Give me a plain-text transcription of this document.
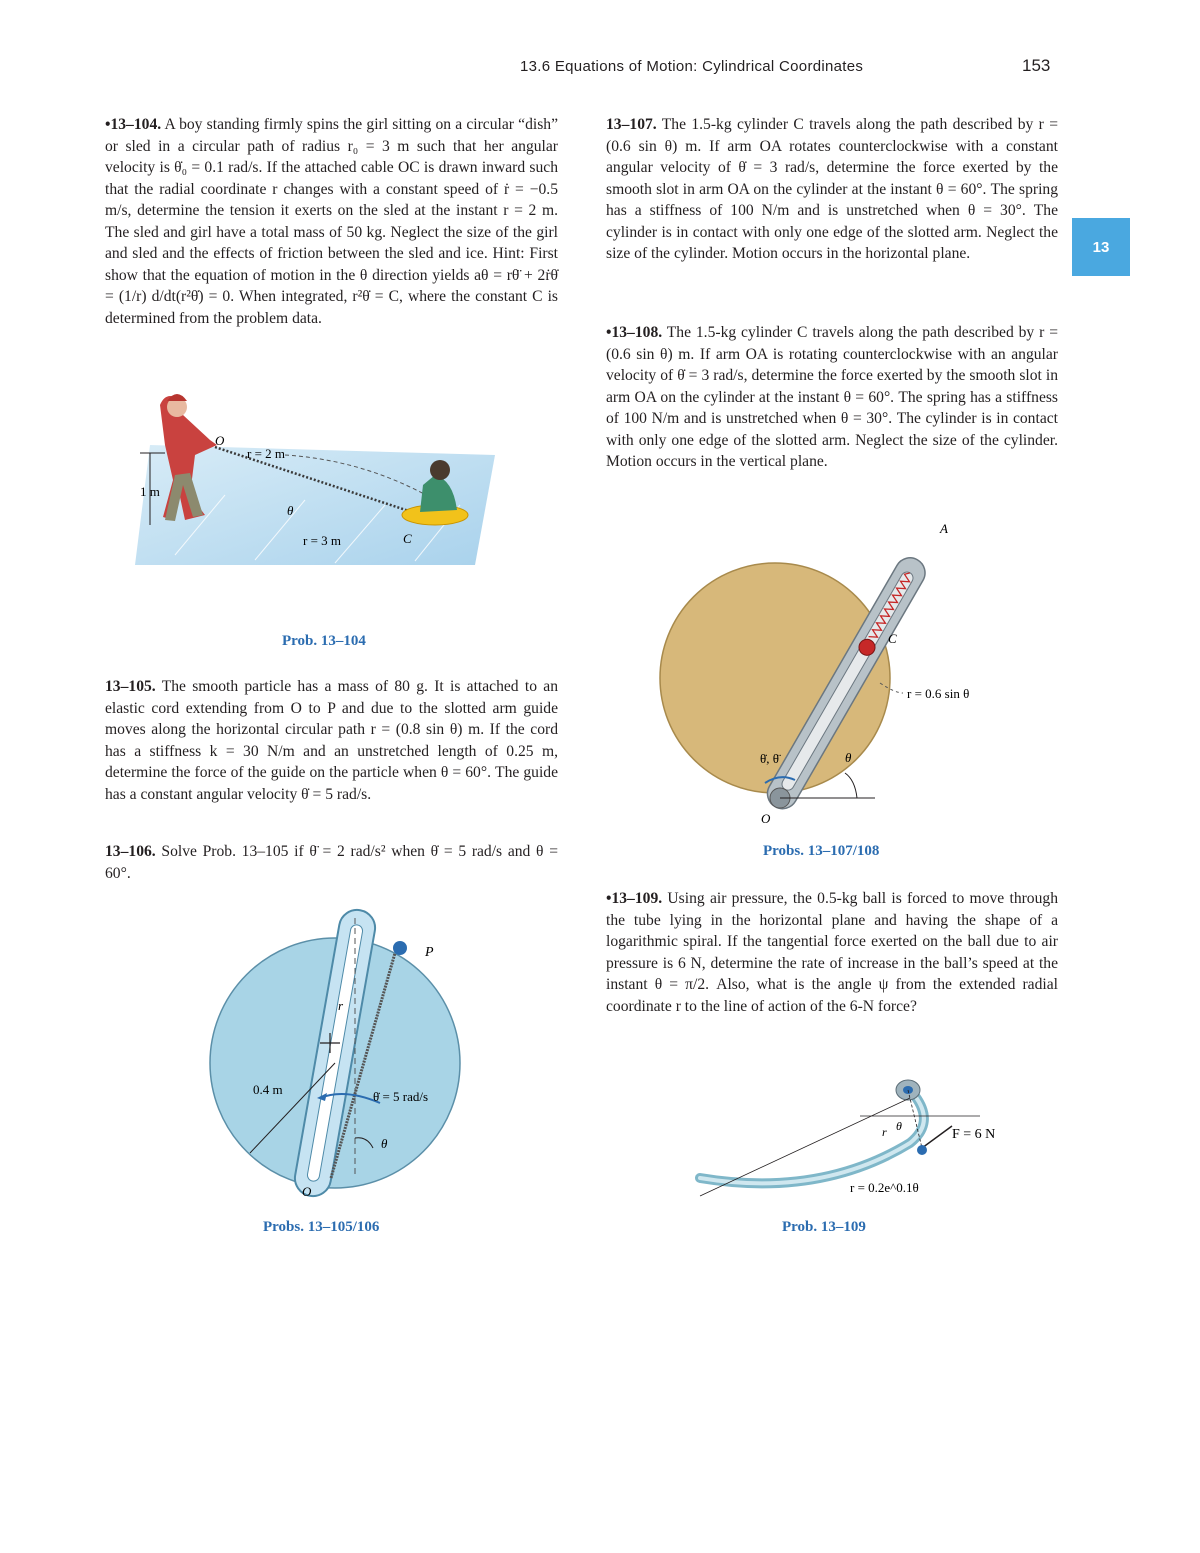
13.6 Equations of Motion: Cylindrical Coordinates	153
13
•13–104. A boy standing firmly spins the girl sitting on a circular “dish” or sled in a circular path of radius r₀ = 3 m such that her angular velocity is θ̇₀ = 0.1 rad/s. If the attached cable OC is drawn inward such that the radial coordinate r changes with a constant speed of ṙ = −0.5 m/s, determine the tension it exerts on the sled at the instant r = 2 m. The sled and girl have a total mass of 50 kg. Neglect the size of the girl and sled and the effects of friction between the sled and ice. Hint: First show that the equation of motion in the θ direction yields aθ = rθ̈ + 2ṙθ̇ = (1/r) d/dt(r²θ̇) = 0. When integrated, r²θ̇ = C, where the constant C is determined from the problem data.
1 m
O
r = 2 m
θ
r = 3 m	C
Prob. 13–104
13–105. The smooth particle has a mass of 80 g. It is attached to an elastic cord extending from O to P and due to the slotted arm guide moves along the horizontal circular path r = (0.8 sin θ) m. If the cord has a stiffness k = 30 N/m and an unstretched length of 0.25 m, determine the force of the guide on the particle when θ = 60°. The guide has a constant angular velocity θ̇ = 5 rad/s.
13–106. Solve Prob. 13–105 if θ̈ = 2 rad/s² when θ̇ = 5 rad/s and θ = 60°.
P
r
0.4 m	θ̇ = 5 rad/s
θ
O
Probs. 13–105/106
13–107. The 1.5-kg cylinder C travels along the path described by r = (0.6 sin θ) m. If arm OA rotates counterclockwise with a constant angular velocity of θ̇ = 3 rad/s, determine the force exerted by the smooth slot in arm OA on the cylinder at the instant θ = 60°. The spring has a stiffness of 100 N/m and is unstretched when θ = 30°. The cylinder is in contact with only one edge of the slotted arm. Neglect the size of the cylinder. Motion occurs in the horizontal plane.
•13–108. The 1.5-kg cylinder C travels along the path described by r = (0.6 sin θ) m. If arm OA is rotating counterclockwise with an angular velocity of θ̇ = 3 rad/s, determine the force exerted by the smooth slot in arm OA on the cylinder at the instant θ = 60°. The spring has a stiffness of 100 N/m and is unstretched when θ = 30°. The cylinder is in contact with only one edge of the slotted arm. Neglect the size of the cylinder. Motion occurs in the vertical plane.
A
C
r = 0.6 sin θ
θ̇, θ̈	θ
O
Probs. 13–107/108
•13–109. Using air pressure, the 0.5-kg ball is forced to move through the tube lying in the horizontal plane and having the shape of a logarithmic spiral. If the tangential force exerted on the ball due to air pressure is 6 N, determine the rate of increase in the ball’s speed at the instant θ = π/2. Also, what is the angle ψ from the extended radial coordinate r to the line of action of the 6-N force?
F = 6 N
r = 0.2e^0.1θ
r θ
Prob. 13–109
